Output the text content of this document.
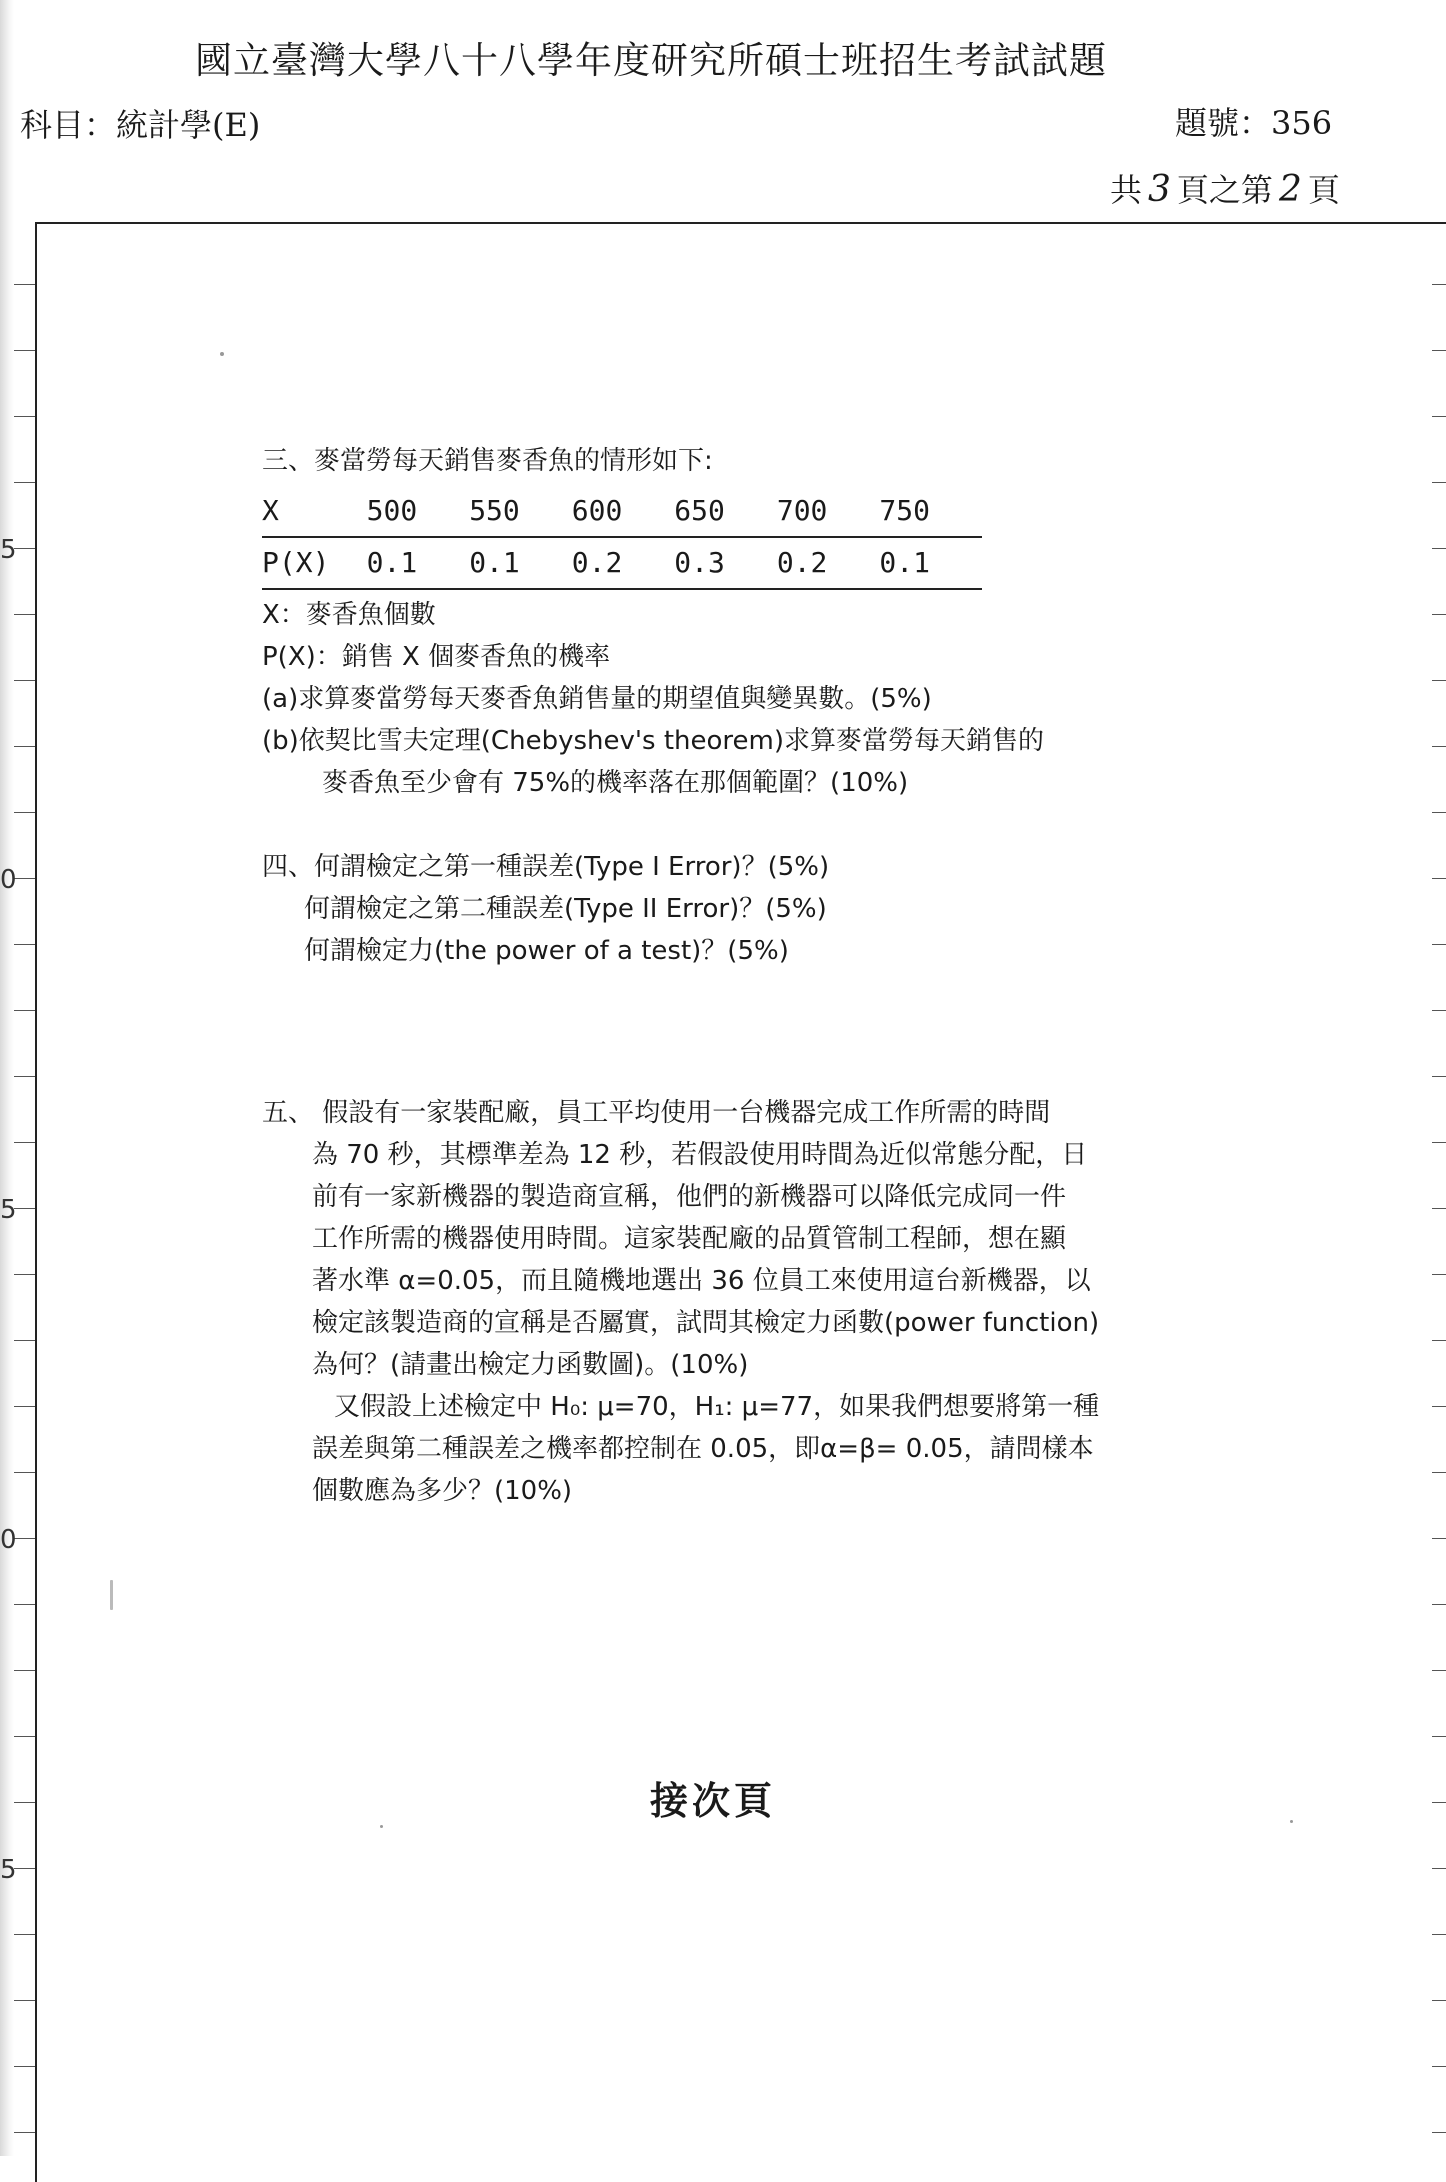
國立臺灣大學八十八學年度研究所碩士班招生考試試題
科目：統計學(E)	題號：356
共 3 頁之第 2 頁
5
0
5
0
5
三、麥當勞每天銷售麥香魚的情形如下:
X	500	550	600	650	700	750
P(X)	0.1	0.1	0.2	0.3	0.2	0.1
X：麥香魚個數
P(X)：銷售 X 個麥香魚的機率
(a)求算麥當勞每天麥香魚銷售量的期望值與變異數。(5%)
(b)依契比雪夫定理(Chebyshev's theorem)求算麥當勞每天銷售的
麥香魚至少會有 75%的機率落在那個範圍？(10%)
四、何謂檢定之第一種誤差(Type I Error)？(5%)
何謂檢定之第二種誤差(Type II Error)？(5%)
何謂檢定力(the power of a test)？(5%)
五、 假設有一家裝配廠，員工平均使用一台機器完成工作所需的時間
為 70 秒，其標準差為 12 秒，若假設使用時間為近似常態分配，日
前有一家新機器的製造商宣稱，他們的新機器可以降低完成同一件
工作所需的機器使用時間。這家裝配廠的品質管制工程師，想在顯
著水準 α=0.05，而且隨機地選出 36 位員工來使用這台新機器，以
檢定該製造商的宣稱是否屬實，試問其檢定力函數(power function)
為何？(請畫出檢定力函數圖)。(10%)
又假設上述檢定中 H₀: μ=70，H₁: μ=77，如果我們想要將第一種
誤差與第二種誤差之機率都控制在 0.05，即α=β= 0.05，請問樣本
個數應為多少？(10%)
接次頁
